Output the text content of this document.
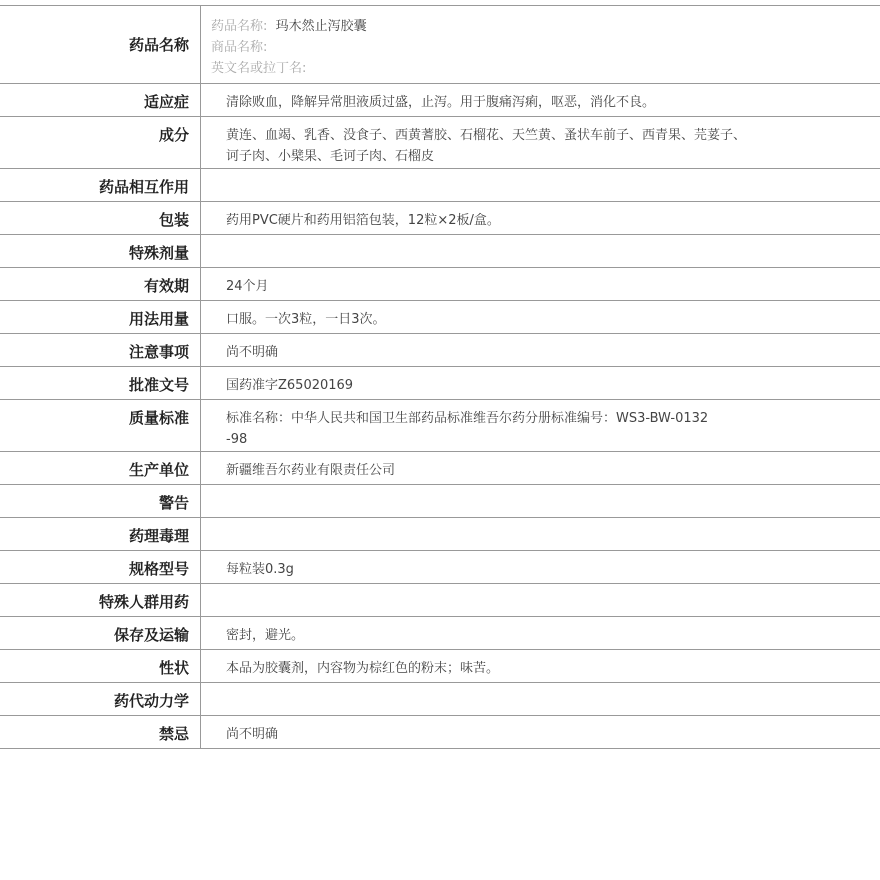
药品名称	药品名称: 玛木然止泻胶囊
商品名称:
英文名或拉丁名:

适应症	清除败血，降解异常胆液质过盛，止泻。用于腹痛泻痢，呕恶，消化不良。

成分	黄连、血竭、乳香、没食子、西黄蓍胶、石榴花、天竺黄、蚤状车前子、西青果、芫荽子、
诃子肉、小檗果、毛诃子肉、石榴皮

药品相互作用	

包装	药用PVC硬片和药用铝箔包装，12粒×2板/盒。

特殊剂量	

有效期	24个月

用法用量	口服。一次3粒，一日3次。

注意事项	尚不明确

批准文号	国药准字Z65020169

质量标准	标准名称：中华人民共和国卫生部药品标准维吾尔药分册标准编号：WS3-BW-0132
-98

生产单位	新疆维吾尔药业有限责任公司

警告	

药理毒理	

规格型号	每粒装0.3g

特殊人群用药	

保存及运输	密封，避光。

性状	本品为胶囊剂，内容物为棕红色的粉末；味苦。

药代动力学	

禁忌	尚不明确
